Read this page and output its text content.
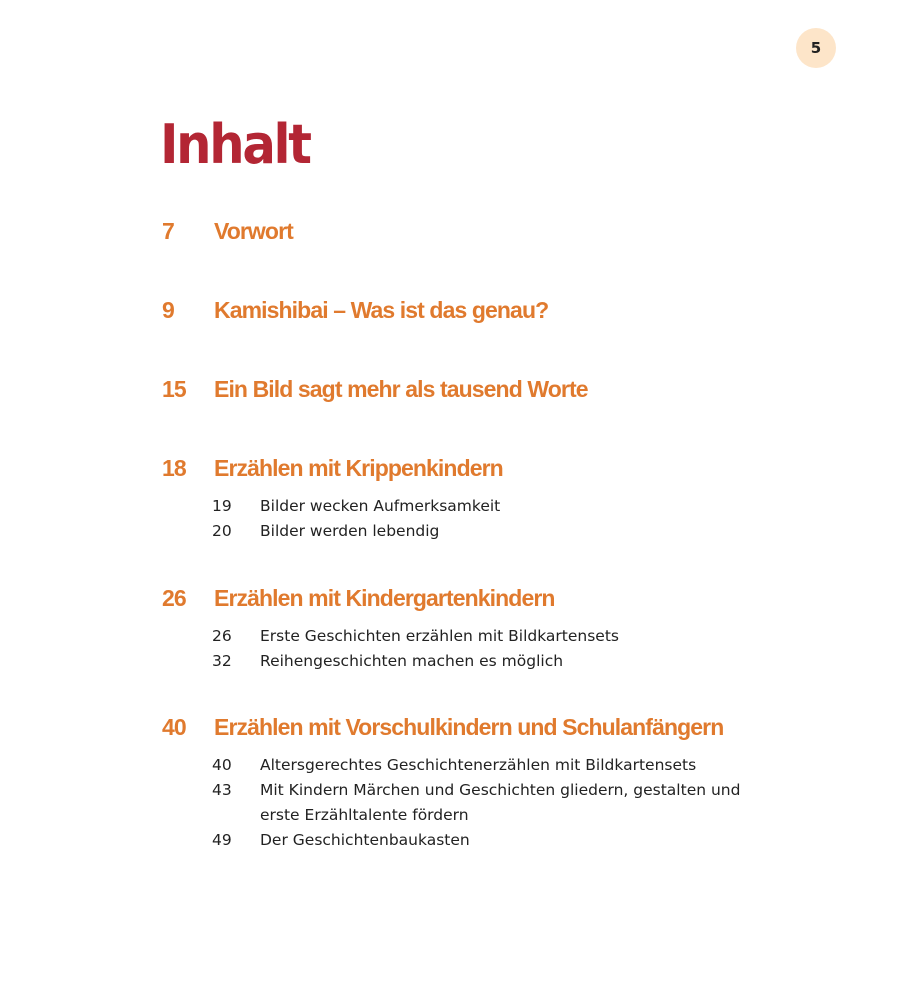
5
Inhalt
7	Vorwort
9	Kamishibai – Was ist das genau?
15	Ein Bild sagt mehr als tausend Worte
18	Erzählen mit Krippenkindern
19	Bilder wecken Aufmerksamkeit
20	Bilder werden lebendig
26	Erzählen mit Kindergartenkindern
26	Erste Geschichten erzählen mit Bildkartensets
32	Reihengeschichten machen es möglich
40	Erzählen mit Vorschulkindern und Schulanfängern
40	Altersgerechtes Geschichtenerzählen mit Bildkartensets
43	Mit Kindern Märchen und Geschichten gliedern, gestalten und erste Erzähltalente fördern
49	Der Geschichtenbaukasten
